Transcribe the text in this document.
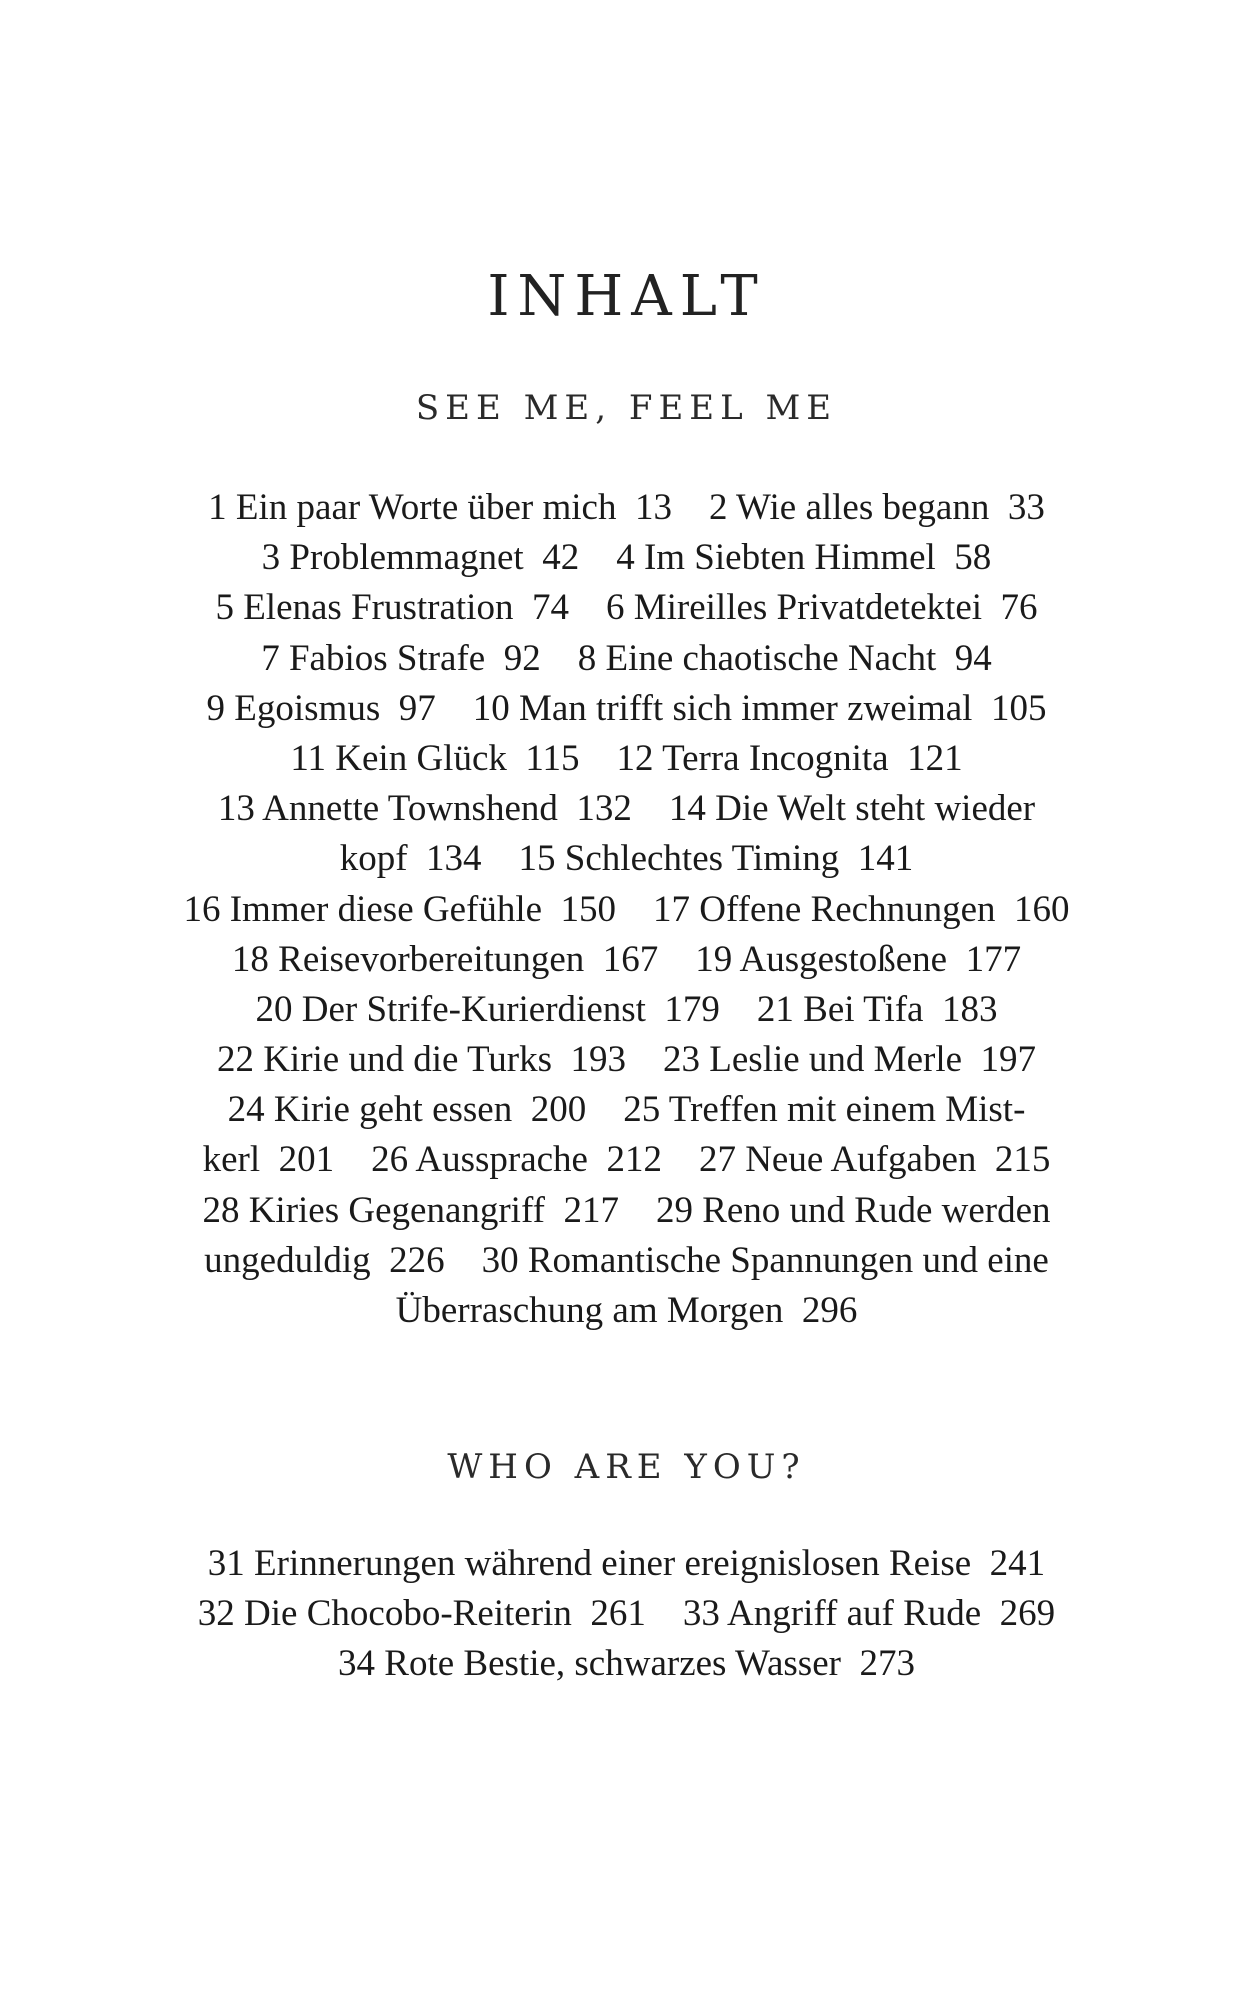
INHALT
SEE ME, FEEL ME
1 Ein paar Worte über mich  13    2 Wie alles begann  33
3 Problemmagnet  42    4 Im Siebten Himmel  58
5 Elenas Frustration  74    6 Mireilles Privatdetektei  76
7 Fabios Strafe  92    8 Eine chaotische Nacht  94
9 Egoismus  97    10 Man trifft sich immer zweimal  105
11 Kein Glück  115    12 Terra Incognita  121
13 Annette Townshend  132    14 Die Welt steht wieder
kopf  134    15 Schlechtes Timing  141
16 Immer diese Gefühle  150    17 Offene Rechnungen  160
18 Reisevorbereitungen  167    19 Ausgestoßene  177
20 Der Strife-Kurierdienst  179    21 Bei Tifa  183
22 Kirie und die Turks  193    23 Leslie und Merle  197
24 Kirie geht essen  200    25 Treffen mit einem Mist-
kerl  201    26 Aussprache  212    27 Neue Aufgaben  215
28 Kiries Gegenangriff  217    29 Reno und Rude werden
ungeduldig  226    30 Romantische Spannungen und eine
Überraschung am Morgen  296
WHO ARE YOU?
31 Erinnerungen während einer ereignislosen Reise  241
32 Die Chocobo-Reiterin  261    33 Angriff auf Rude  269
34 Rote Bestie, schwarzes Wasser  273
